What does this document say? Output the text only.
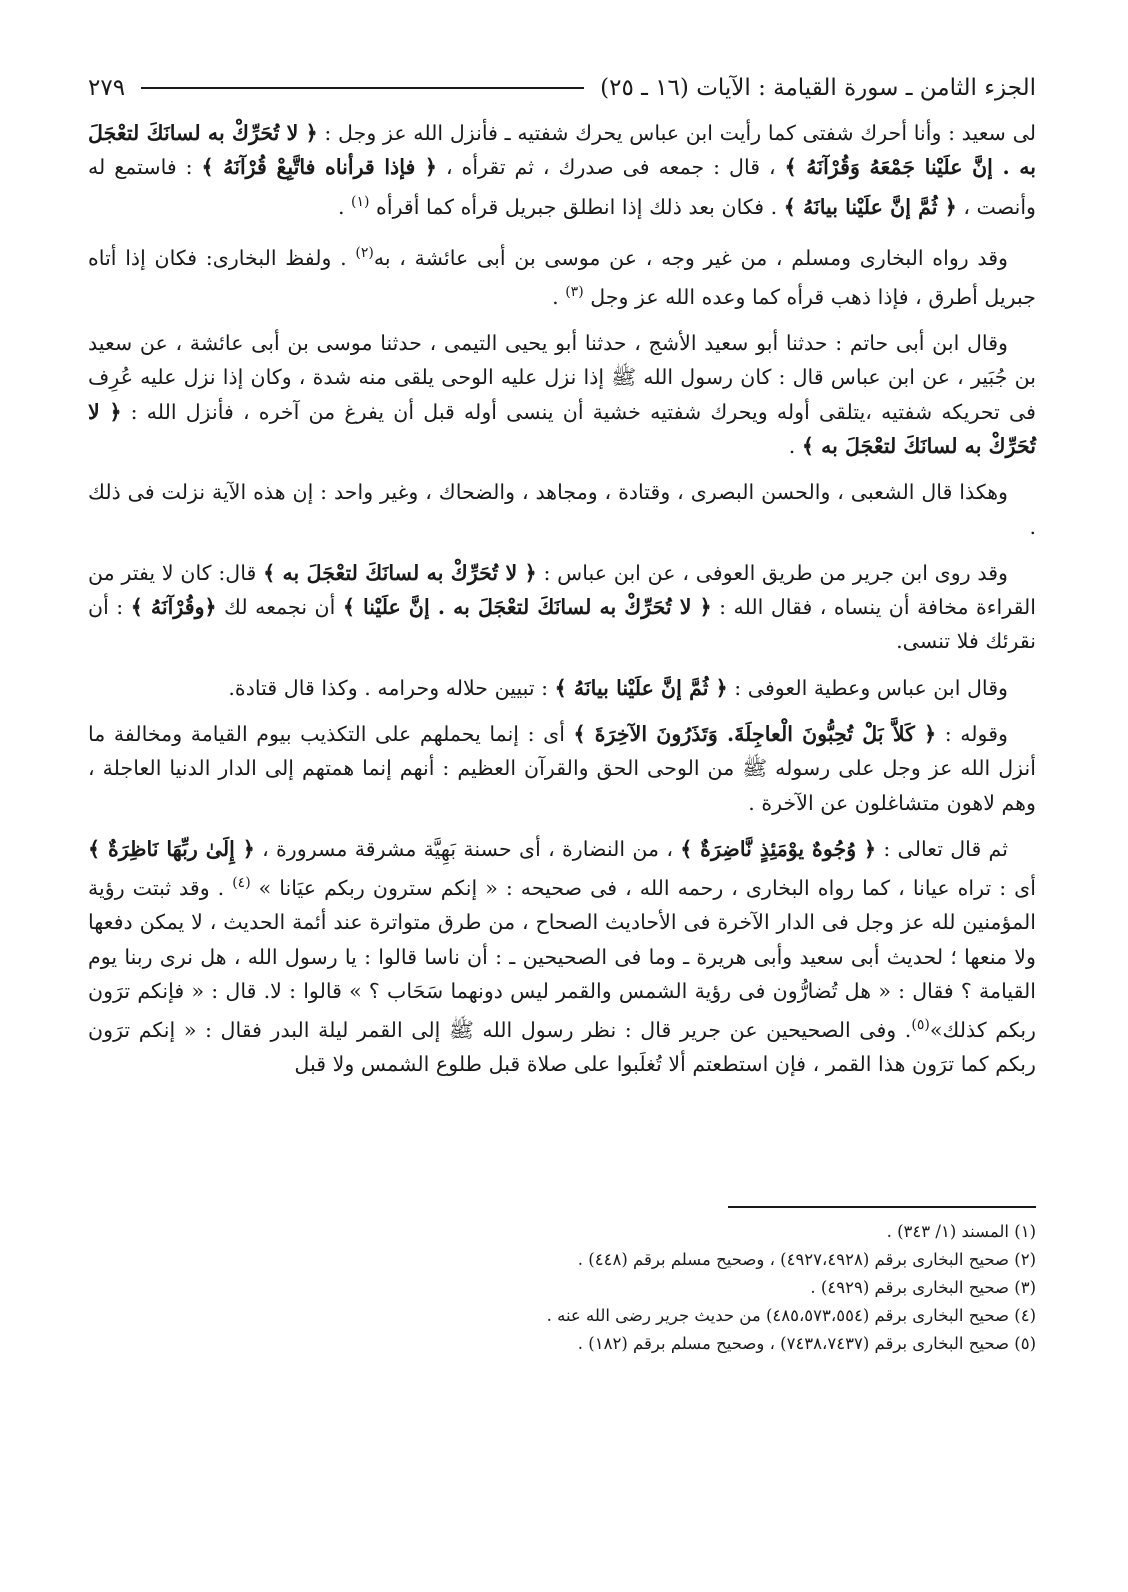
الجزء الثامن ـ سورة القيامة : الآيات (١٦ ـ ٢٥)
٢٧٩

لى سعيد : وأنا أحرك شفتى كما رأيت ابن عباس يحرك شفتيه ـ فأنزل الله عز وجل : ﴿ لا تُحَرِّكْ به لسانَكَ لتعْجَلَ به . إنَّ علَيْنا جَمْعَهُ وَقُرْآنَهُ ﴾ ، قال : جمعه فى صدرك ، ثم تقرأه ، ﴿ فإذا قرأناه فاتَّبِعْ قُرْآنَهُ ﴾ : فاستمع له وأنصت ، ﴿ ثُمَّ إنَّ علَيْنا بيانَهُ ﴾ . فكان بعد ذلك إذا انطلق جبريل قرأه كما أقرأه $^{(١)}$ .

وقد رواه البخارى ومسلم ، من غير وجه ، عن موسى بن أبى عائشة ، به$^{(٢)}$ . ولفظ البخارى: فكان إذا أتاه جبريل أطرق ، فإذا ذهب قرأه كما وعده الله عز وجل $^{(٣)}$ .

وقال ابن أبى حاتم : حدثنا أبو سعيد الأشج ، حدثنا أبو يحيى التيمى ، حدثنا موسى بن أبى عائشة ، عن سعيد بن جُبَير ، عن ابن عباس قال : كان رسول الله ﷺ إذا نزل عليه الوحى يلقى منه شدة ، وكان إذا نزل عليه عُرِف فى تحريكه شفتيه ،يتلقى أوله ويحرك شفتيه خشية أن ينسى أوله قبل أن يفرغ من آخره ، فأنزل الله : ﴿ لا تُحَرِّكْ به لسانَكَ لتعْجَلَ به ﴾ .

وهكذا قال الشعبى ، والحسن البصرى ، وقتادة ، ومجاهد ، والضحاك ، وغير واحد : إن هذه الآية نزلت فى ذلك .

وقد روى ابن جرير من طريق العوفى ، عن ابن عباس : ﴿ لا تُحَرِّكْ به لسانَكَ لتعْجَلَ به ﴾ قال: كان لا يفتر من القراءة مخافة أن ينساه ، فقال الله : ﴿ لا تُحَرِّكْ به لسانَكَ لتعْجَلَ به . إنَّ علَيْنا ﴾ أن نجمعه لك ﴿وقُرْآنَهُ ﴾ : أن نقرئك فلا تنسى.

وقال ابن عباس وعطية العوفى : ﴿ ثُمَّ إنَّ علَيْنا بيانَهُ ﴾ : تبيين حلاله وحرامه . وكذا قال قتادة.

وقوله : ﴿ كَلاَّ بَلْ تُحِبُّونَ الْعاجِلَةَ. وَتَذَرُونَ الآخِرَةَ ﴾ أى : إنما يحملهم على التكذيب بيوم القيامة ومخالفة ما أنزل الله عز وجل على رسوله ﷺ من الوحى الحق والقرآن العظيم : أنهم إنما همتهم إلى الدار الدنيا العاجلة ، وهم لاهون متشاغلون عن الآخرة .

ثم قال تعالى : ﴿ وُجُوهٌ يوْمَئِذٍ نَّاضِرَةٌ ﴾ ، من النضارة ، أى حسنة بَهِيَّة مشرقة مسرورة ، ﴿ إِلَىٰ ربِّهَا نَاظِرَةٌ ﴾ أى : تراه عيانا ، كما رواه البخارى ، رحمه الله ، فى صحيحه : « إنكم سترون ربكم عيَانا » $^{(٤)}$ . وقد ثبتت رؤية المؤمنين لله عز وجل فى الدار الآخرة فى الأحاديث الصحاح ، من طرق متواترة عند أئمة الحديث ، لا يمكن دفعها ولا منعها ؛ لحديث أبى سعيد وأبى هريرة ـ وما فى الصحيحين ـ : أن ناسا قالوا : يا رسول الله ، هل نرى ربنا يوم القيامة ؟ فقال : « هل تُضارُّون فى رؤية الشمس والقمر ليس دونهما سَحَاب ؟ » قالوا : لا. قال : « فإنكم ترَون ربكم كذلك»$^{(٥)}$. وفى الصحيحين عن جرير قال : نظر رسول الله ﷺ إلى القمر ليلة البدر فقال : « إنكم ترَون ربكم كما ترَون هذا القمر ، فإن استطعتم ألا تُغلَبوا على صلاة قبل طلوع الشمس ولا قبل

(١) المسند (١/ ٣٤٣) .
(٢) صحيح البخارى برقم (٤٩٢٧،٤٩٢٨) ، وصحيح مسلم برقم (٤٤٨) .
(٣) صحيح البخارى برقم (٤٩٢٩) .
(٤) صحيح البخارى برقم (٤٨٥،٥٧٣،٥٥٤) من حديث جرير رضى الله عنه .
(٥) صحيح البخارى برقم (٧٤٣٨،٧٤٣٧) ، وصحيح مسلم برقم (١٨٢) .
